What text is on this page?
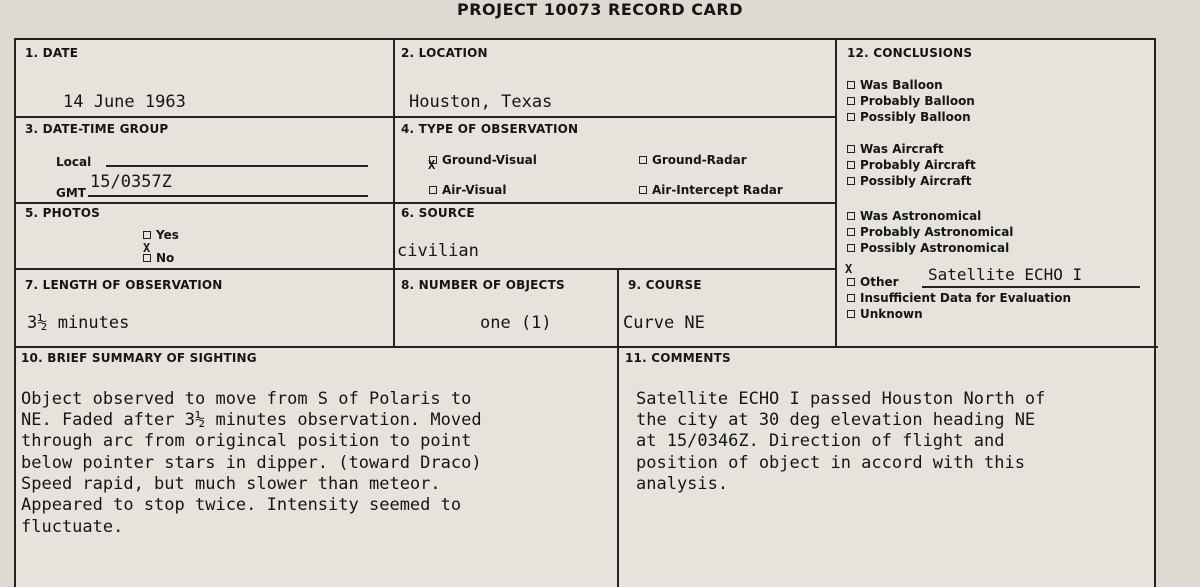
PROJECT 10073 RECORD CARD
1. DATE
14 June 1963
2. LOCATION
Houston, Texas
3. DATE-TIME GROUP
Local
GMT
15/0357Z
4. TYPE OF OBSERVATION
Ground-Visual
X	Ground-Radar
Air-Visual	Air-Intercept Radar
5. PHOTOS
Yes
No
X
6. SOURCE
civilian
7. LENGTH OF OBSERVATION
3½ minutes
8. NUMBER OF OBJECTS
one (1)
9. COURSE
Curve NE
12. CONCLUSIONS
Was Balloon
Probably Balloon
Possibly Balloon
Was Aircraft
Probably Aircraft
Possibly Aircraft
Was Astronomical
Probably Astronomical
Possibly Astronomical
X
Other Satellite ECHO I
Insufficient Data for Evaluation
Unknown
10. BRIEF SUMMARY OF SIGHTING
Object observed to move from S of Polaris to
NE. Faded after 3½ minutes observation. Moved
through arc from origincal position to point
below pointer stars in dipper. (toward Draco)
Speed rapid, but much slower than meteor.
Appeared to stop twice. Intensity seemed to
fluctuate.
11. COMMENTS
Satellite ECHO I passed Houston North of
the city at 30 deg elevation heading NE
at 15/0346Z. Direction of flight and
position of object in accord with this
analysis.
